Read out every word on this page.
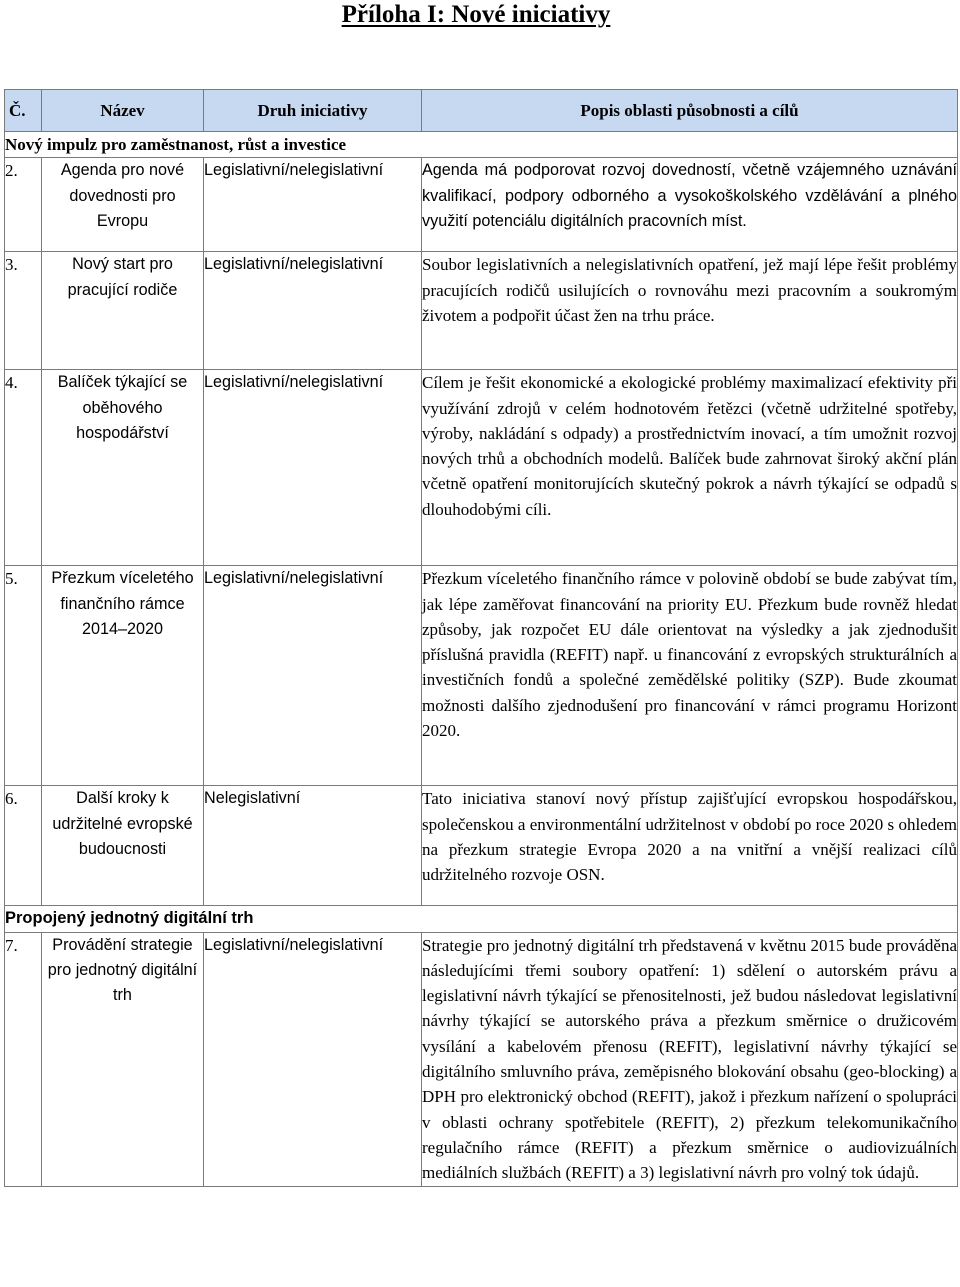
Příloha I: Nové iniciativy
Č.	Název	Druh iniciativy	Popis oblasti působnosti a cílů
Nový impulz pro zaměstnanost, růst a investice			
2.	Agenda pro nové dovednosti pro Evropu	Legislativní/nelegislativní	Agenda má podporovat rozvoj dovedností, včetně vzájemného uznávání kvalifikací, podpory odborného a vysokoškolského vzdělávání a plného využití potenciálu digitálních pracovních míst.
3.	Nový start pro pracující rodiče	Legislativní/nelegislativní	Soubor legislativních a nelegislativních opatření, jež mají lépe řešit problémy pracujících rodičů usilujících o rovnováhu mezi pracovním a soukromým životem a podpořit účast žen na trhu práce.
4.	Balíček týkající se oběhového hospodářství	Legislativní/nelegislativní	Cílem je řešit ekonomické a ekologické problémy maximalizací efektivity při využívání zdrojů v celém hodnotovém řetězci (včetně udržitelné spotřeby, výroby, nakládání s odpady) a prostřednictvím inovací, a tím umožnit rozvoj nových trhů a obchodních modelů. Balíček bude zahrnovat široký akční plán včetně opatření monitorujících skutečný pokrok a návrh týkající se odpadů s dlouhodobými cíli.
5.	Přezkum víceletého finančního rámce 2014–2020	Legislativní/nelegislativní	Přezkum víceletého finančního rámce v polovině období se bude zabývat tím, jak lépe zaměřovat financování na priority EU. Přezkum bude rovněž hledat způsoby, jak rozpočet EU dále orientovat na výsledky a jak zjednodušit příslušná pravidla (REFIT) např. u financování z evropských strukturálních a investičních fondů a společné zemědělské politiky (SZP). Bude zkoumat možnosti dalšího zjednodušení pro financování v rámci programu Horizont 2020.
6.	Další kroky k udržitelné evropské budoucnosti	Nelegislativní	Tato iniciativa stanoví nový přístup zajišťující evropskou hospodářskou, společenskou a environmentální udržitelnost v období po roce 2020 s ohledem na přezkum strategie Evropa 2020 a na vnitřní a vnější realizaci cílů udržitelného rozvoje OSN.
Propojený jednotný digitální trh			
7.	Provádění strategie pro jednotný digitální trh	Legislativní/nelegislativní	Strategie pro jednotný digitální trh představená v květnu 2015 bude prováděna následujícími třemi soubory opatření: 1) sdělení o autorském právu a legislativní návrh týkající se přenositelnosti, jež budou následovat legislativní návrhy týkající se autorského práva a přezkum směrnice o družicovém vysílání a kabelovém přenosu (REFIT), legislativní návrhy týkající se digitálního smluvního práva, zeměpisného blokování obsahu (geo-blocking) a DPH pro elektronický obchod (REFIT), jakož i přezkum nařízení o spolupráci v oblasti ochrany spotřebitele (REFIT), 2) přezkum telekomunikačního regulačního rámce (REFIT) a přezkum směrnice o audiovizuálních mediálních službách (REFIT) a 3) legislativní návrh pro volný tok údajů.
